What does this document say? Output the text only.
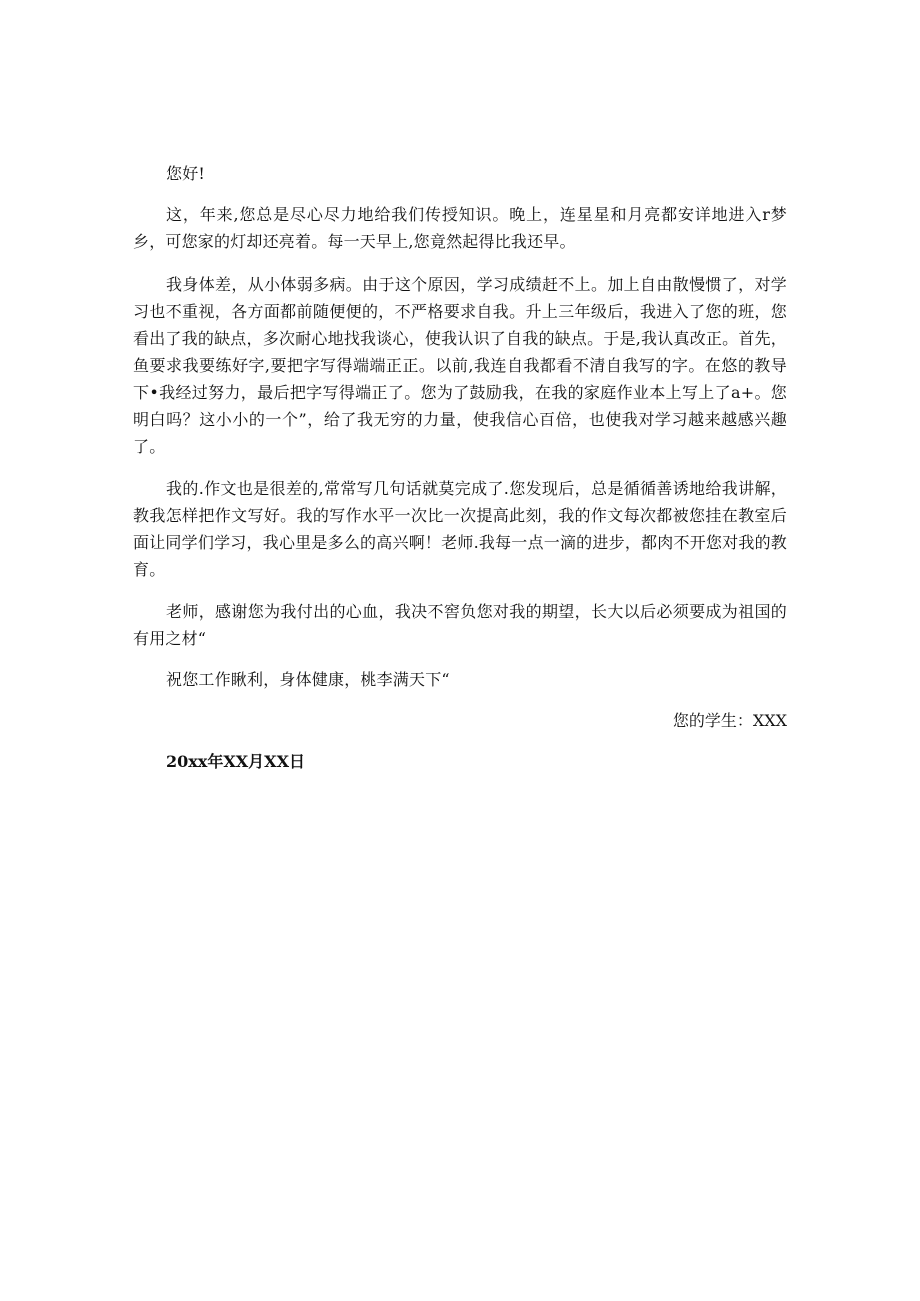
您好!

这，年来,您总是尽心尽力地给我们传授知识。晚上，连星星和月亮都安详地进入r梦乡，可您家的灯却还亮着。每一天早上,您竟然起得比我还早。

我身体差，从小体弱多病。由于这个原因，学习成绩赶不上。加上自由散慢惯了，对学习也不重视，各方面都前随便便的，不严格要求自我。升上三年级后，我进入了您的班，您看出了我的缺点，多次耐心地找我谈心，使我认识了自我的缺点。于是,我认真改正。首先，鱼要求我要练好字,要把字写得端端正正。以前,我连自我都看不清自我写的字。在悠的教导下•我经过努力，最后把字写得端正了。您为了鼓励我，在我的家庭作业本上写上了a+。您明白吗？这小小的一个”，给了我无穷的力量，使我信心百倍，也使我对学习越来越感兴趣了。

我的.作文也是很差的,常常写几句话就莫完成了.您发现后，总是循循善诱地给我讲解，教我怎样把作文写好。我的写作水平一次比一次提高此刻，我的作文每次都被您挂在教室后面让同学们学习，我心里是多么的高兴啊！老师.我每一点一滴的进步，都肉不开您对我的教育。

老师，感谢您为我付出的心血，我决不窖负您对我的期望，长大以后必须要成为祖国的有用之材“

祝您工作瞅利，身体健康，桃李满天下“

您的学生：XXX

20xx年XX月XX日
